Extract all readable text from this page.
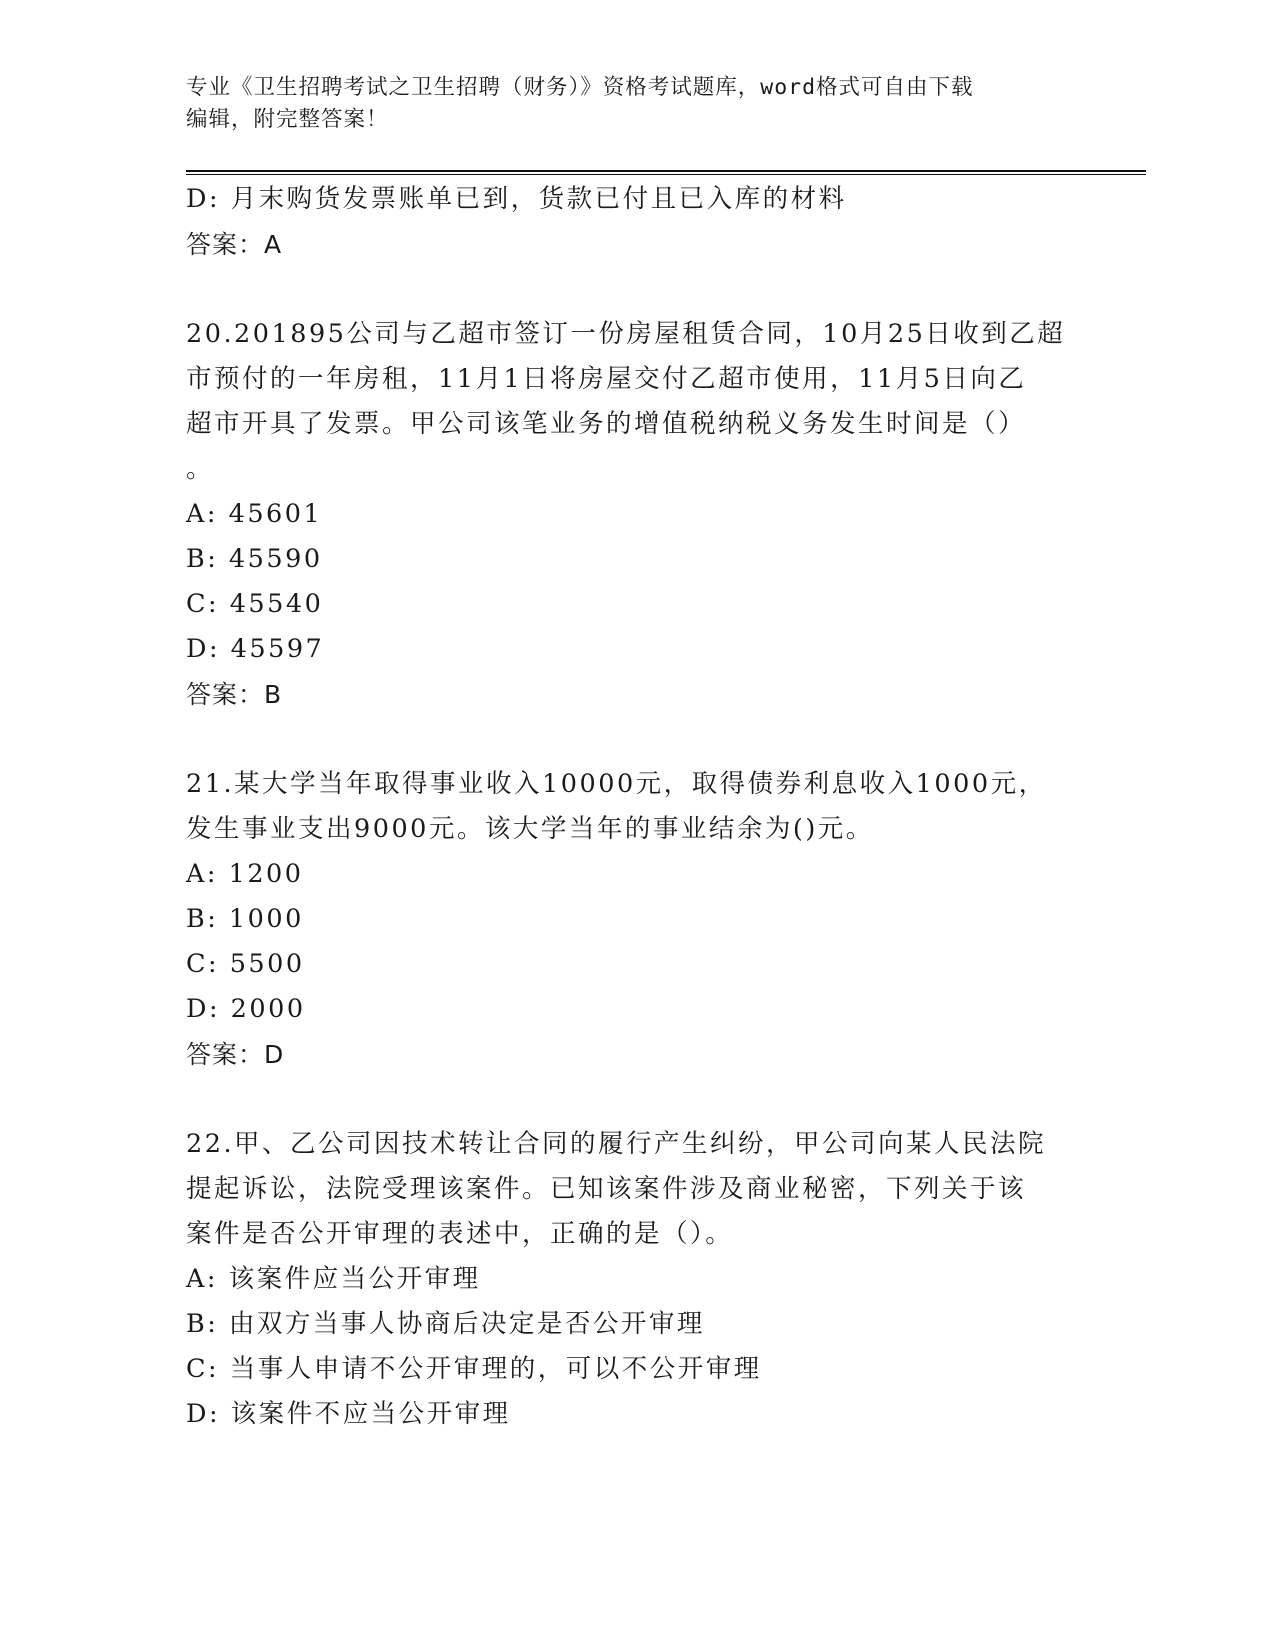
专业《卫生招聘考试之卫生招聘（财务）》资格考试题库，word格式可自由下载
编辑，附完整答案！
D: 月末购货发票账单已到，货款已付且已入库的材料
答案：A

20.201895公司与乙超市签订一份房屋租赁合同，10月25日收到乙超

市预付的一年房租，11月1日将房屋交付乙超市使用，11月5日向乙

超市开具了发票。甲公司该笔业务的增值税纳税义务发生时间是（）

。

A: 45601

B: 45590

C: 45540

D: 45597

答案：B

21.某大学当年取得事业收入10000元，取得债券利息收入1000元，

发生事业支出9000元。该大学当年的事业结余为()元。

A: 1200

B: 1000

C: 5500

D: 2000

答案：D

22.甲、乙公司因技术转让合同的履行产生纠纷，甲公司向某人民法院

提起诉讼，法院受理该案件。已知该案件涉及商业秘密，下列关于该

案件是否公开审理的表述中，正确的是（）。

A: 该案件应当公开审理

B: 由双方当事人协商后决定是否公开审理

C: 当事人申请不公开审理的，可以不公开审理

D: 该案件不应当公开审理
